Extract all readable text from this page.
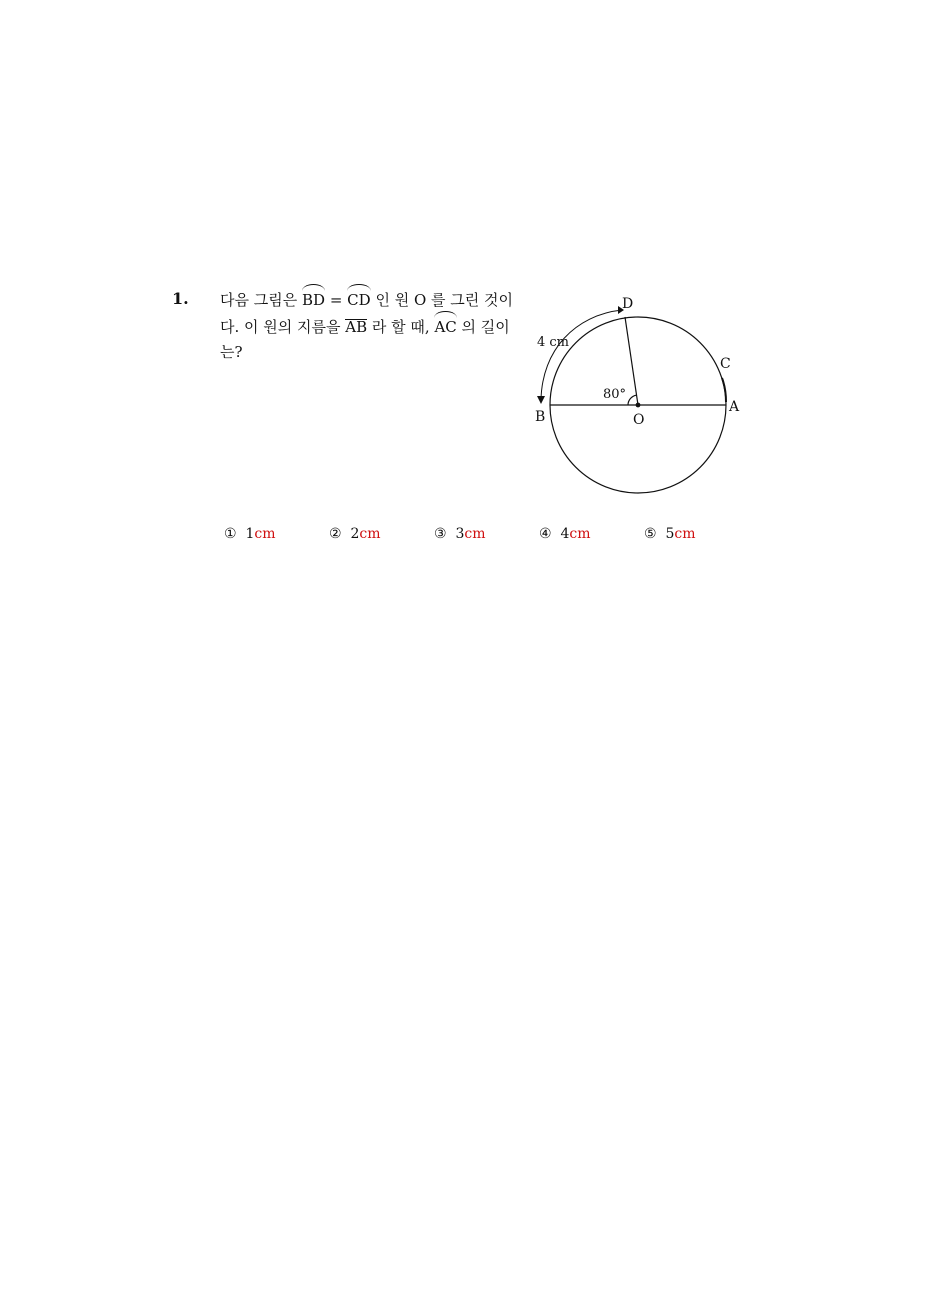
1. 다음 그림은 BD = CD 인 원 O 를 그린 것이
다. 이 원의 지름을 AB 라 할 때, AC 의 길이
는?
D
C
A
B	O
4 cm
80°
① 1cm	② 2cm	③ 3cm	④ 4cm	⑤ 5cm
